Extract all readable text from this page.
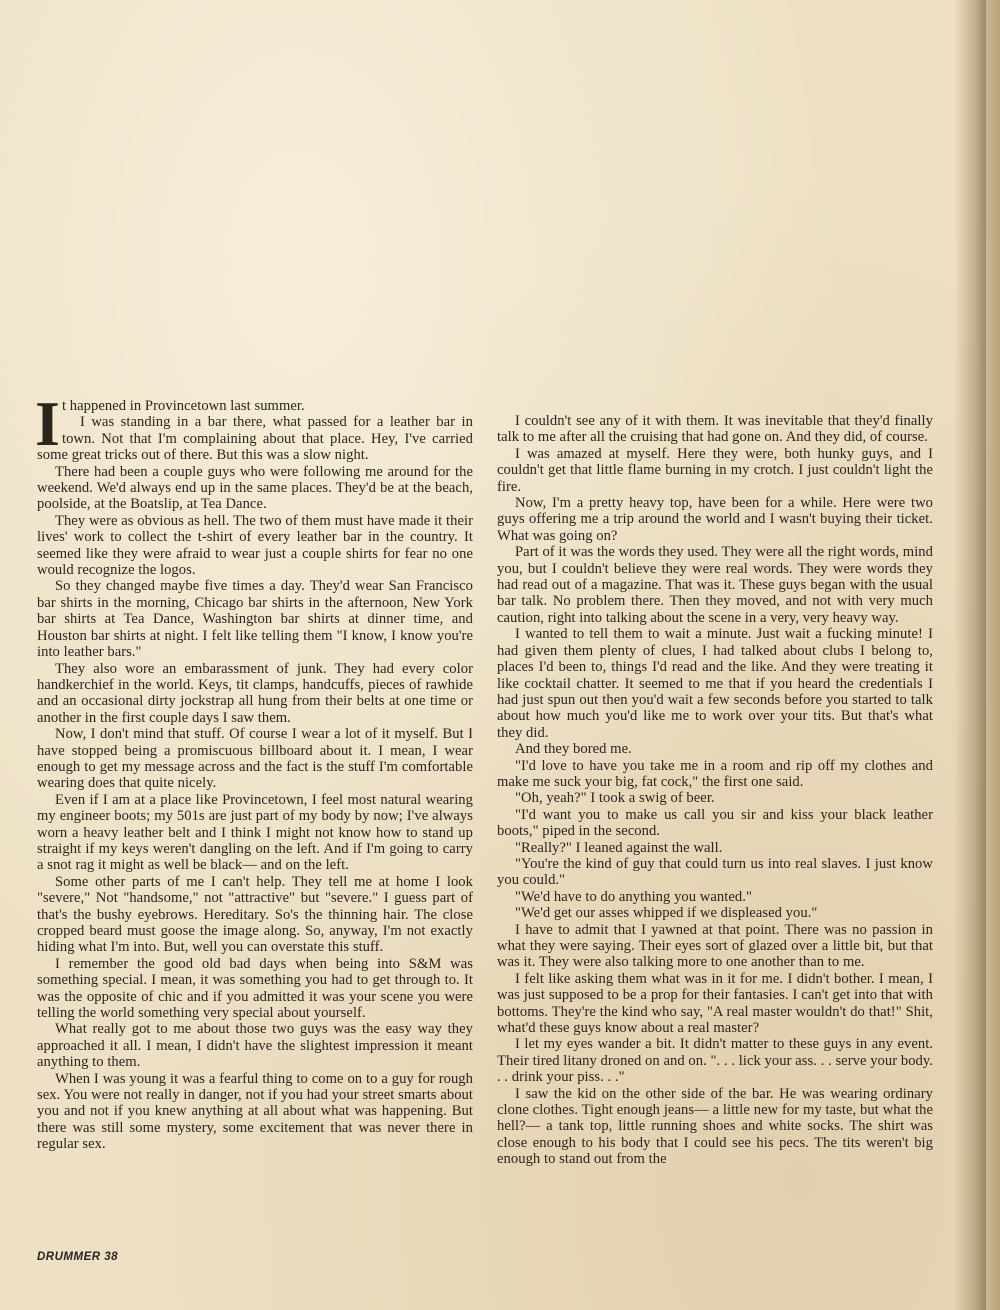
It happened in Provincetown last summer.

I was standing in a bar there, what passed for a leather bar in town. Not that I'm complaining about that place. Hey, I've carried some great tricks out of there. But this was a slow night.

There had been a couple guys who were following me around for the weekend. We'd always end up in the same places. They'd be at the beach, poolside, at the Boatslip, at Tea Dance.

They were as obvious as hell. The two of them must have made it their lives' work to collect the t-shirt of every leather bar in the country. It seemed like they were afraid to wear just a couple shirts for fear no one would recognize the logos.

So they changed maybe five times a day. They'd wear San Francisco bar shirts in the morning, Chicago bar shirts in the afternoon, New York bar shirts at Tea Dance, Washington bar shirts at dinner time, and Houston bar shirts at night. I felt like telling them "I know, I know you're into leather bars."

They also wore an embarassment of junk. They had every color handkerchief in the world. Keys, tit clamps, handcuffs, pieces of rawhide and an occasional dirty jockstrap all hung from their belts at one time or another in the first couple days I saw them.

Now, I don't mind that stuff. Of course I wear a lot of it myself. But I have stopped being a promiscuous billboard about it. I mean, I wear enough to get my message across and the fact is the stuff I'm comfortable wearing does that quite nicely.

Even if I am at a place like Provincetown, I feel most natural wearing my engineer boots; my 501s are just part of my body by now; I've always worn a heavy leather belt and I think I might not know how to stand up straight if my keys weren't dangling on the left. And if I'm going to carry a snot rag it might as well be black— and on the left.

Some other parts of me I can't help. They tell me at home I look "severe," Not "handsome," not "attractive" but "severe." I guess part of that's the bushy eyebrows. Hereditary. So's the thinning hair. The close cropped beard must goose the image along. So, anyway, I'm not exactly hiding what I'm into. But, well you can overstate this stuff.

I remember the good old bad days when being into S&M was something special. I mean, it was something you had to get through to. It was the opposite of chic and if you admitted it was your scene you were telling the world something very special about yourself.

What really got to me about those two guys was the easy way they approached it all. I mean, I didn't have the slightest impression it meant anything to them.

When I was young it was a fearful thing to come on to a guy for rough sex. You were not really in danger, not if you had your street smarts about you and not if you knew anything at all about what was happening. But there was still some mystery, some excitement that was never there in regular sex.

I couldn't see any of it with them. It was inevitable that they'd finally talk to me after all the cruising that had gone on. And they did, of course.

I was amazed at myself. Here they were, both hunky guys, and I couldn't get that little flame burning in my crotch. I just couldn't light the fire.

Now, I'm a pretty heavy top, have been for a while. Here were two guys offering me a trip around the world and I wasn't buying their ticket. What was going on?

Part of it was the words they used. They were all the right words, mind you, but I couldn't believe they were real words. They were words they had read out of a magazine. That was it. These guys began with the usual bar talk. No problem there. Then they moved, and not with very much caution, right into talking about the scene in a very, very heavy way.

I wanted to tell them to wait a minute. Just wait a fucking minute! I had given them plenty of clues, I had talked about clubs I belong to, places I'd been to, things I'd read and the like. And they were treating it like cocktail chatter. It seemed to me that if you heard the credentials I had just spun out then you'd wait a few seconds before you started to talk about how much you'd like me to work over your tits. But that's what they did.

And they bored me.

"I'd love to have you take me in a room and rip off my clothes and make me suck your big, fat cock," the first one said.

"Oh, yeah?" I took a swig of beer.

"I'd want you to make us call you sir and kiss your black leather boots," piped in the second.

"Really?" I leaned against the wall.

"You're the kind of guy that could turn us into real slaves. I just know you could."

"We'd have to do anything you wanted."

"We'd get our asses whipped if we displeased you."

I have to admit that I yawned at that point. There was no passion in what they were saying. Their eyes sort of glazed over a little bit, but that was it. They were also talking more to one another than to me.

I felt like asking them what was in it for me. I didn't bother. I mean, I was just supposed to be a prop for their fantasies. I can't get into that with bottoms. They're the kind who say, "A real master wouldn't do that!" Shit, what'd these guys know about a real master?

I let my eyes wander a bit. It didn't matter to these guys in any event. Their tired litany droned on and on. ". . . lick your ass. . . serve your body. . . drink your piss. . ."

I saw the kid on the other side of the bar. He was wearing ordinary clone clothes. Tight enough jeans— a little new for my taste, but what the hell?— a tank top, little running shoes and white socks. The shirt was close enough to his body that I could see his pecs. The tits weren't big enough to stand out from the

DRUMMER 38
